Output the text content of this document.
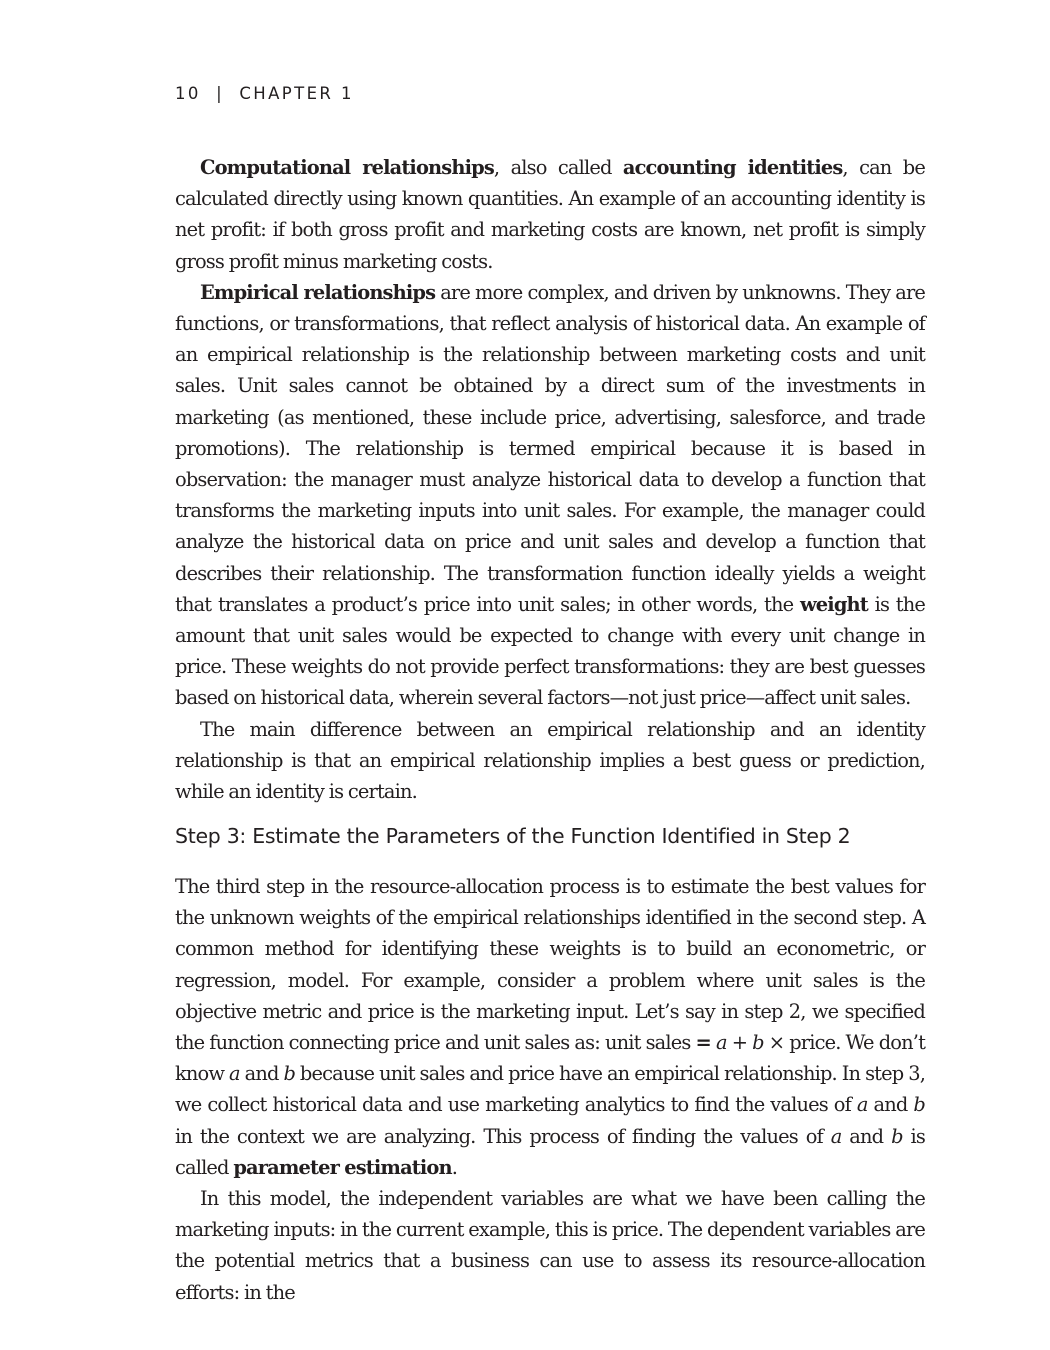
10 | CHAPTER 1

Computational relationships, also called accounting identities, can be calculated directly using known quantities. An example of an accounting identity is net profit: if both gross profit and marketing costs are known, net profit is simply gross profit minus marketing costs.

Empirical relationships are more complex, and driven by unknowns. They are functions, or transformations, that reflect analysis of historical data. An example of an empirical relationship is the relationship between marketing costs and unit sales. Unit sales cannot be obtained by a direct sum of the investments in marketing (as mentioned, these include price, advertising, salesforce, and trade promotions). The relationship is termed empirical because it is based in observation: the manager must analyze historical data to develop a function that transforms the marketing inputs into unit sales. For example, the manager could analyze the historical data on price and unit sales and develop a function that describes their relationship. The transformation function ideally yields a weight that translates a product’s price into unit sales; in other words, the weight is the amount that unit sales would be expected to change with every unit change in price. These weights do not provide perfect transformations: they are best guesses based on historical data, wherein several factors—not just price—affect unit sales.

The main difference between an empirical relationship and an identity relationship is that an empirical relationship implies a best guess or prediction, while an identity is certain.

Step 3: Estimate the Parameters of the Function Identified in Step 2

The third step in the resource-allocation process is to estimate the best values for the unknown weights of the empirical relationships identified in the second step. A common method for identifying these weights is to build an econometric, or regression, model. For example, consider a problem where unit sales is the objective metric and price is the marketing input. Let’s say in step 2, we specified the function connecting price and unit sales as: unit sales = a + b × price. We don’t know a and b because unit sales and price have an empirical relationship. In step 3, we collect historical data and use marketing analytics to find the values of a and b in the context we are analyzing. This process of finding the values of a and b is called parameter estimation.

In this model, the independent variables are what we have been calling the marketing inputs: in the current example, this is price. The dependent variables are the potential metrics that a business can use to assess its resource-allocation efforts: in the
